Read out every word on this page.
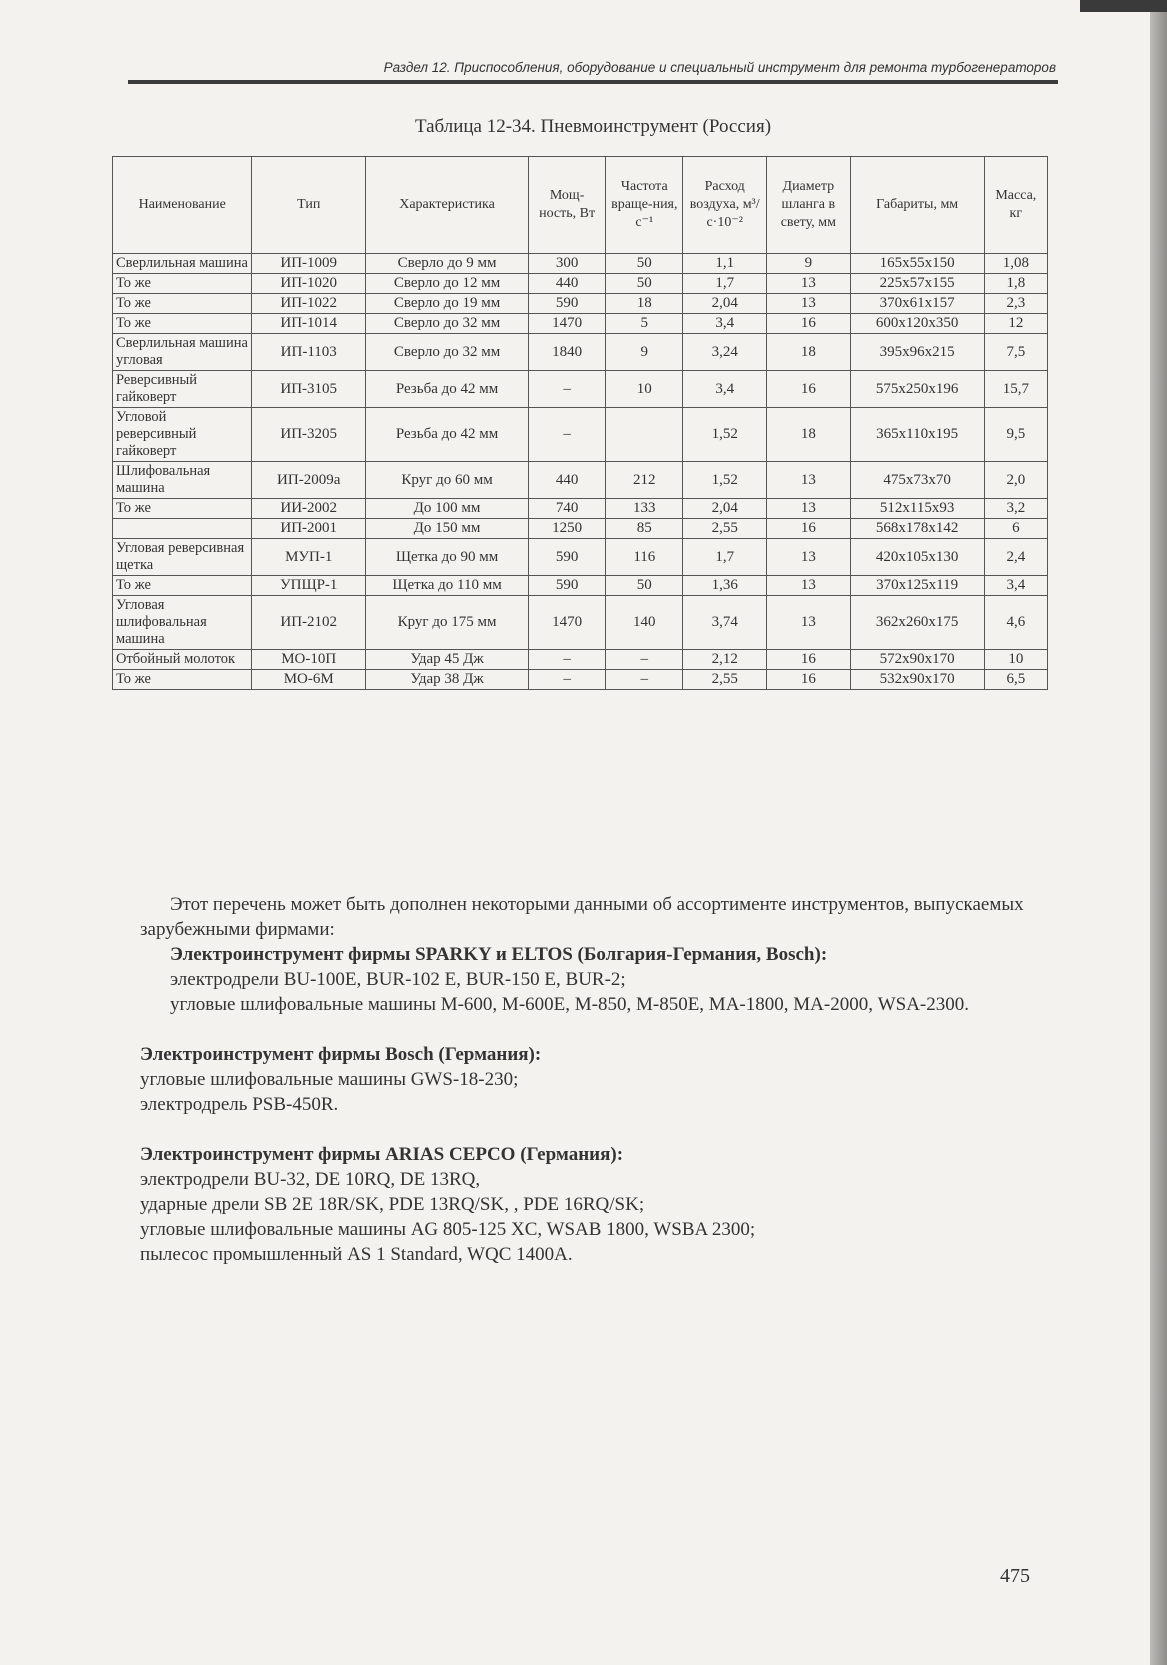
Раздел 12. Приспособления, оборудование и специальный инструмент для ремонта турбогенераторов
Таблица 12-34. Пневмоинструмент (Россия)
Наименование	Тип	Характеристика	Мощ-ность, Вт	Частота враще-ния, с⁻¹	Расход воздуха, м³/с·10⁻²	Диаметр шланга в свету, мм	Габариты, мм	Масса, кг
Сверлильная машина	ИП-1009	Сверло до 9 мм	300	50	1,1	9	165х55х150	1,08
То же	ИП-1020	Сверло до 12 мм	440	50	1,7	13	225х57х155	1,8
То же	ИП-1022	Сверло до 19 мм	590	18	2,04	13	370х61х157	2,3
То же	ИП-1014	Сверло до 32 мм	1470	5	3,4	16	600х120х350	12
Сверлильная машина угловая	ИП-1103	Сверло до 32 мм	1840	9	3,24	18	395х96х215	7,5
Реверсивный гайковерт	ИП-3105	Резьба до 42 мм	–	10	3,4	16	575х250х196	15,7
Угловой реверсивный гайковерт	ИП-3205	Резьба до 42 мм	–		1,52	18	365х110х195	9,5
Шлифовальная машина	ИП-2009а	Круг до 60 мм	440	212	1,52	13	475х73х70	2,0
То же	ИИ-2002	До 100 мм	740	133	2,04	13	512х115х93	3,2
	ИП-2001	До 150 мм	1250	85	2,55	16	568х178х142	6
Угловая реверсивная щетка	МУП-1	Щетка до 90 мм	590	116	1,7	13	420х105х130	2,4
То же	УПЩР-1	Щетка до 110 мм	590	50	1,36	13	370х125х119	3,4
Угловая шлифовальная машина	ИП-2102	Круг до 175 мм	1470	140	3,74	13	362х260х175	4,6
Отбойный молоток	МО-10П	Удар 45 Дж	–	–	2,12	16	572х90х170	10
То же	МО-6М	Удар 38 Дж	–	–	2,55	16	532х90х170	6,5

Этот перечень может быть дополнен некоторыми данными об ассортименте инструментов, выпускаемых зарубежными фирмами:

Электроинструмент фирмы SPARKY и ELTOS (Болгария-Германия, Bosch):

электродрели BU-100E, BUR-102 E, BUR-150 E, BUR-2;

угловые шлифовальные машины М-600, М-600Е, М-850, М-850Е, МА-1800, МА-2000, WSA-2300.

Электроинструмент фирмы Bosch (Германия):

угловые шлифовальные машины GWS-18-230;

электродрель PSB-450R.

Электроинструмент фирмы ARIAS CEPCO (Германия):

электродрели BU-32, DE 10RQ, DE 13RQ,

ударные дрели SB 2E 18R/SK, PDE 13RQ/SK, , PDE 16RQ/SK;

угловые шлифовальные машины AG 805-125 XC, WSAB 1800, WSBA 2300;

пылесос промышленный AS 1 Standard, WQC 1400A.

475
